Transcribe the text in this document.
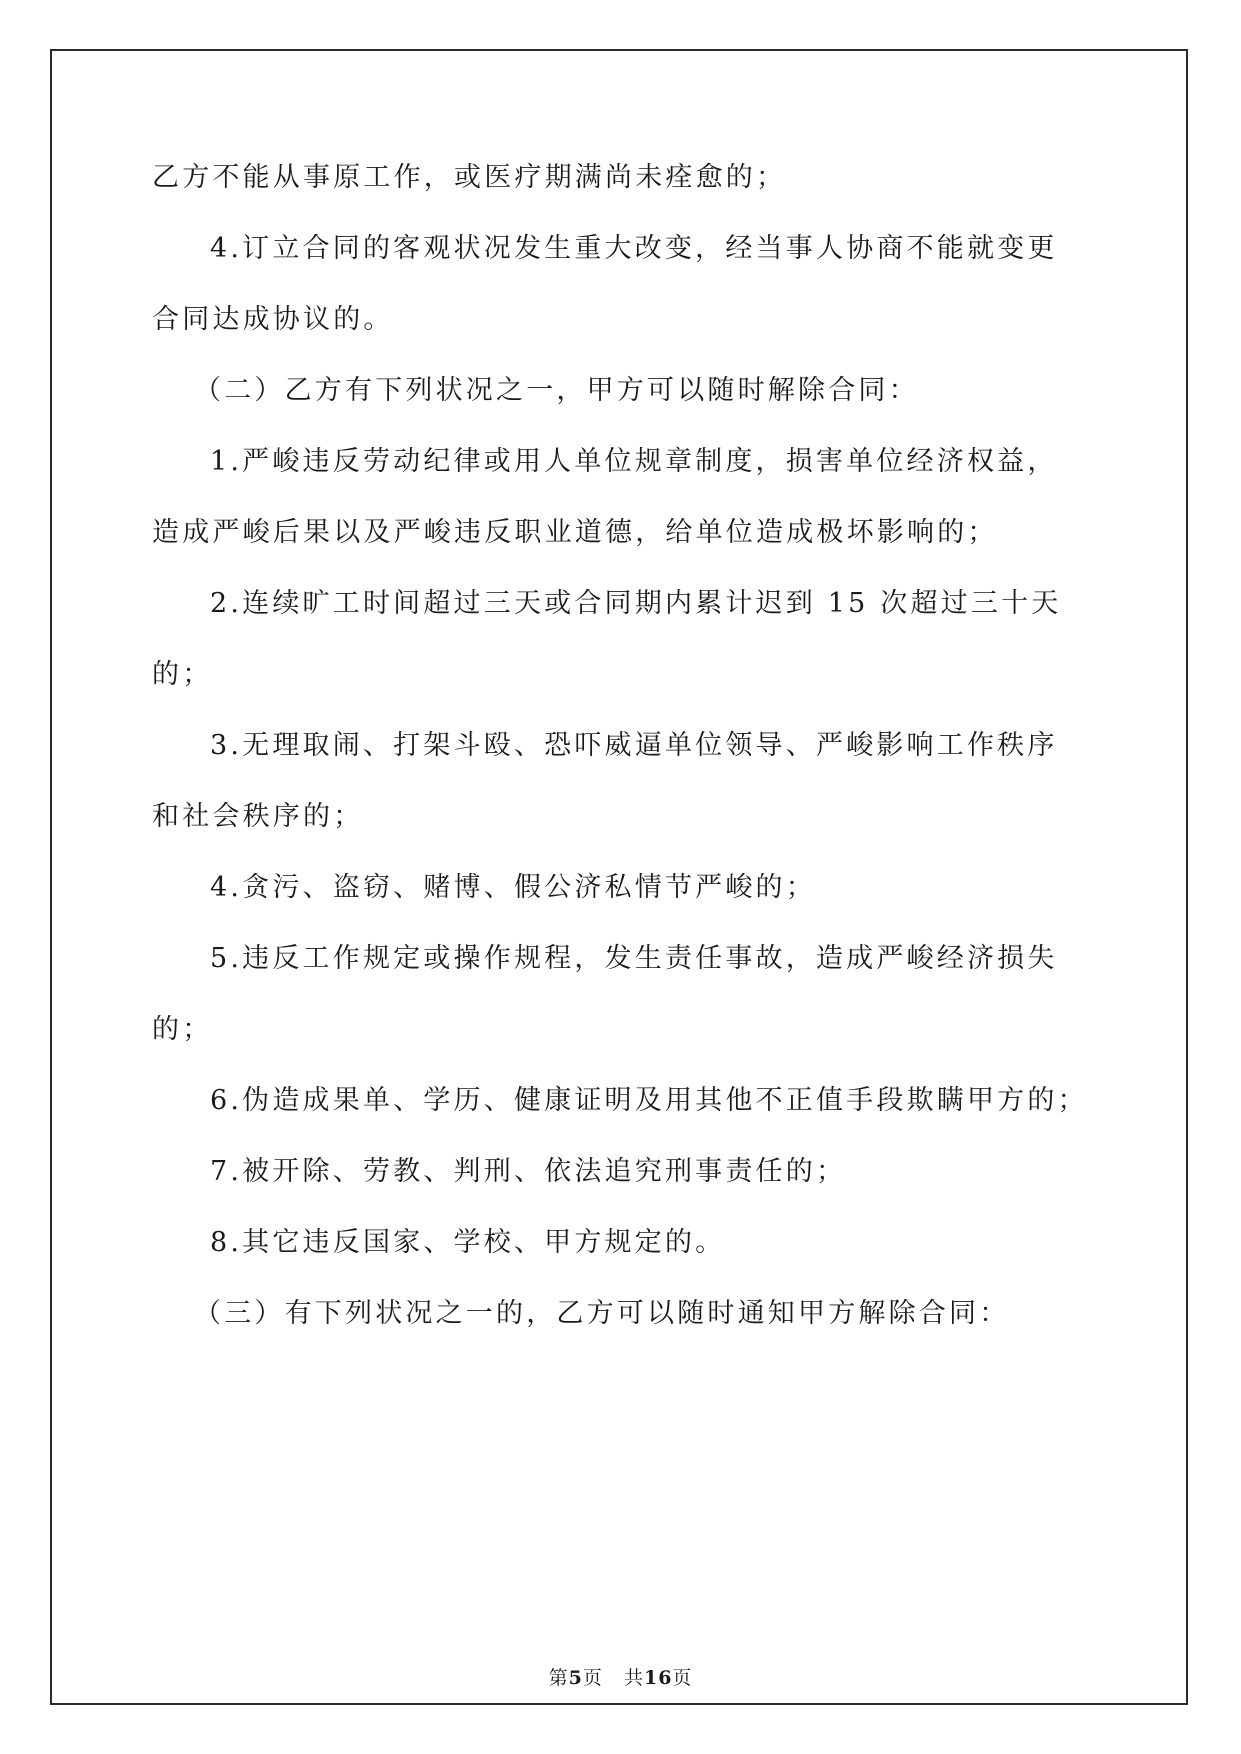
乙方不能从事原工作，或医疗期满尚未痊愈的；
4.订立合同的客观状况发生重大改变，经当事人协商不能就变更
合同达成协议的。
（二）乙方有下列状况之一，甲方可以随时解除合同：
1.严峻违反劳动纪律或用人单位规章制度，损害单位经济权益，
造成严峻后果以及严峻违反职业道德，给单位造成极坏影响的；
2.连续旷工时间超过三天或合同期内累计迟到 15 次超过三十天
的；
3.无理取闹、打架斗殴、恐吓威逼单位领导、严峻影响工作秩序
和社会秩序的；
4.贪污、盗窃、赌博、假公济私情节严峻的；
5.违反工作规定或操作规程，发生责任事故，造成严峻经济损失
的；
6.伪造成果单、学历、健康证明及用其他不正值手段欺瞒甲方的；
7.被开除、劳教、判刑、依法追究刑事责任的；
8.其它违反国家、学校、甲方规定的。
（三）有下列状况之一的，乙方可以随时通知甲方解除合同：
第5页 共16页
